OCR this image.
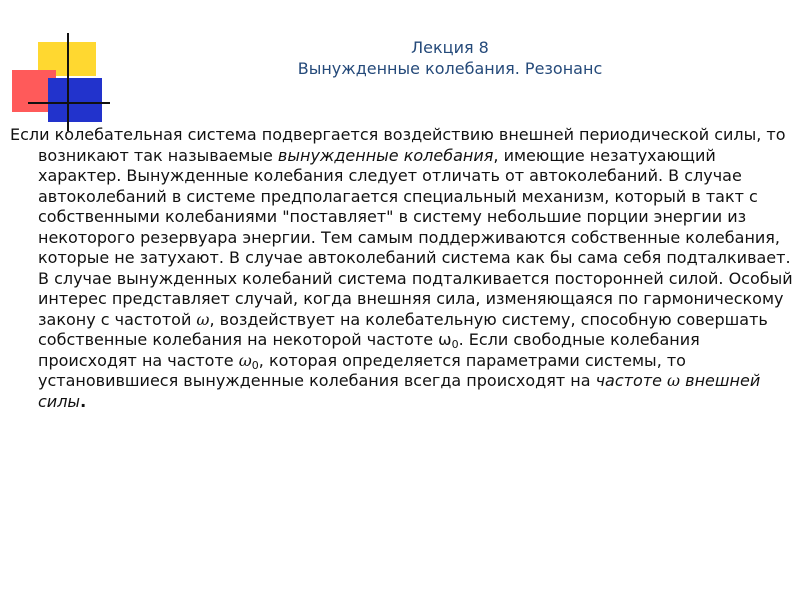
Лекция 8
Вынужденные колебания. Резонанс
Если колебательная система подвергается воздействию внешней периодической силы, то возникают так называемые вынужденные колебания, имеющие незатухающий характер. Вынужденные колебания следует отличать от автоколебаний. В случае автоколебаний в системе предполагается специальный механизм, который в такт с собственными колебаниями "поставляет" в систему небольшие порции энергии из некоторого резервуара энергии. Тем самым поддерживаются собственные колебания, которые не затухают. В случае автоколебаний система как бы сама себя подталкивает. В случае вынужденных колебаний система подталкивается посторонней силой. Особый интерес представляет случай, когда внешняя сила, изменяющаяся по гармоническому закону с частотой ω, воздействует на колебательную систему, способную совершать собственные колебания на некоторой частоте $\omega_0$. Если свободные колебания происходят на частоте $\omega_0$, которая определяется параметрами системы, то установившиеся вынужденные колебания всегда происходят на частоте ω внешней силы.
